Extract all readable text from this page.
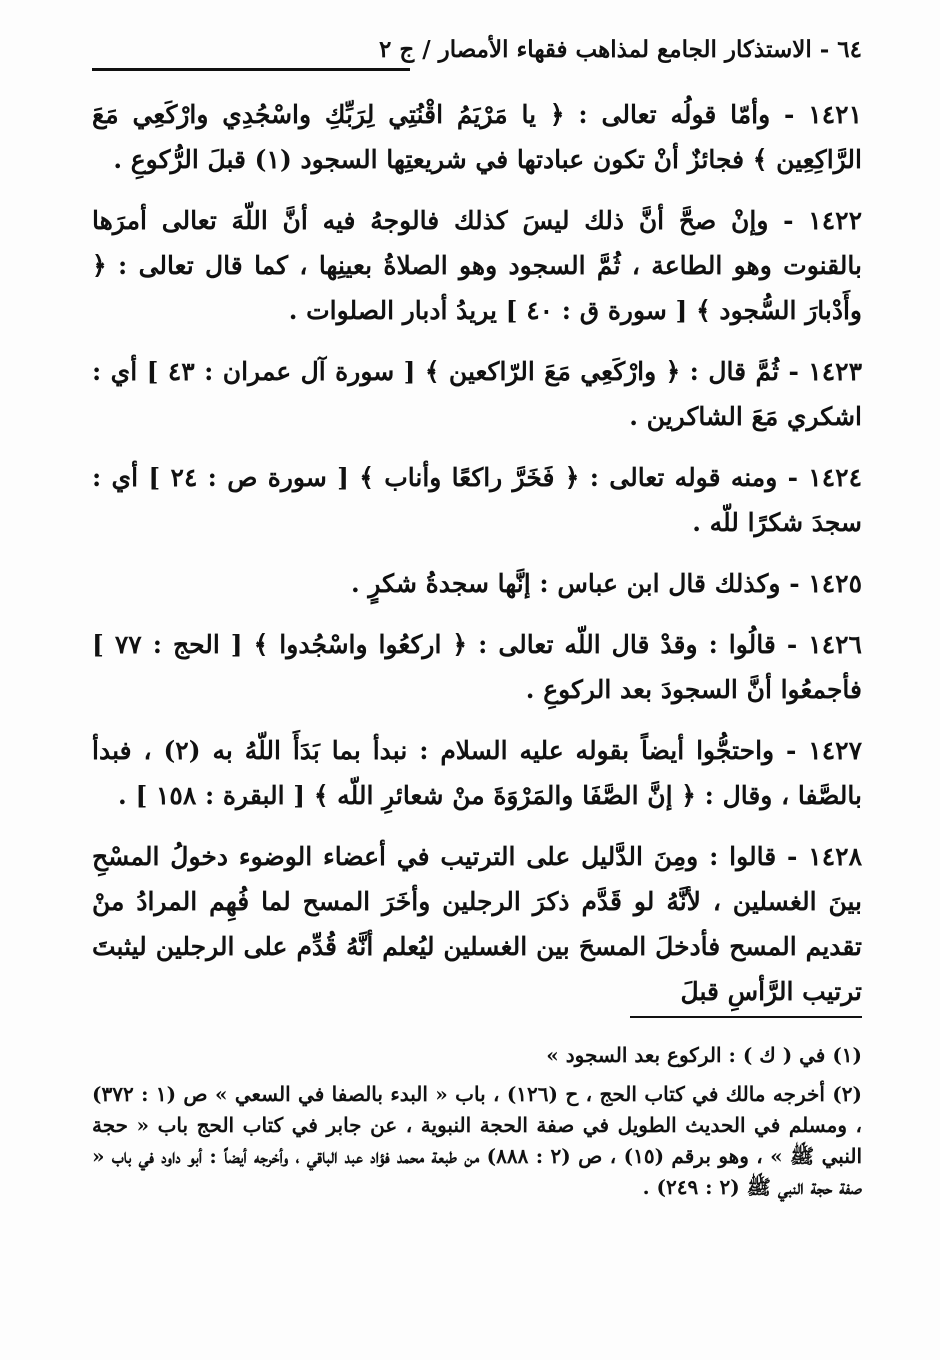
٦٤ - الاستذكار الجامع لمذاهب فقهاء الأمصار / ج ٢

١٤٢١ - وأمّا قولُه تعالى : ﴿ يا مَرْيَمُ اقْنُتِي لِرَبِّكِ واسْجُدِي وارْكَعِي مَعَ الرَّاكِعِين ﴾ فجائزٌ أنْ تكون عبادتها في شريعتِها السجود (١) قبلَ الرُّكوعِ .

١٤٢٢ - وإنْ صحَّ أنَّ ذلك ليسَ كذلك فالوجهُ فيه أنَّ اللّهَ تعالى أمرَها بالقنوت وهو الطاعة ، ثُمَّ السجود وهو الصلاةُ بعينِها ، كما قال تعالى : ﴿ وأَدْبارَ السُّجود ﴾ [ سورة ق : ٤٠ ] يريدُ أدبار الصلوات .

١٤٢٣ - ثُمَّ قال : ﴿ وارْكَعِي مَعَ الرّاكعين ﴾ [ سورة آل عمران : ٤٣ ] أي : اشكري مَعَ الشاكرين .

١٤٢٤ - ومنه قوله تعالى : ﴿ فَخَرَّ راكعًا وأناب ﴾ [ سورة ص : ٢٤ ] أي : سجدَ شكرًا للّه .

١٤٢٥ - وكذلك قال ابن عباس : إنَّها سجدةُ شكرٍ .

١٤٢٦ - قالُوا : وقدْ قال اللّه تعالى : ﴿ اركعُوا واسْجُدوا ﴾ [ الحج : ٧٧ ] فأجمعُوا أنَّ السجودَ بعد الركوعِ .

١٤٢٧ - واحتجُّوا أيضاً بقوله عليه السلام : نبدأ بما بَدَأَ اللّهُ به (٢) ، فبدأ بالصَّفا ، وقال : ﴿ إنَّ الصَّفَا والمَرْوَةَ منْ شعائرِ اللّه ﴾ [ البقرة : ١٥٨ ] .

١٤٢٨ - قالوا : ومِنَ الدَّليل على الترتيب في أعضاء الوضوء دخولُ المسْحِ بينَ الغسلين ، لأنَّهُ لو قَدَّم ذكرَ الرجلين وأخَرَ المسح لما فُهِم المرادُ منْ تقديم المسح فأدخلَ المسحَ بين الغسلين ليُعلم أنَّهُ قُدِّم على الرجلين ليثبتَ ترتيب الرَّأسِ قبلَ

(١) في ( ك ) : الركوع بعد السجود »

(٢) أخرجه مالك في كتاب الحج ، ح (١٢٦) ، باب « البدء بالصفا في السعي » ص (١ : ٣٧٢) ، ومسلم في الحديث الطويل في صفة الحجة النبوية ، عن جابر في كتاب الحج باب « حجة النبي ﷺ » ، وهو برقم (١٥) ، ص (٢ : ٨٨٨) من طبعة محمد فؤاد عبد الباقي ، وأخرجه أيضاً : أبو داود في باب « صفة حجة النبي ﷺ (٢ : ٢٤٩) .
